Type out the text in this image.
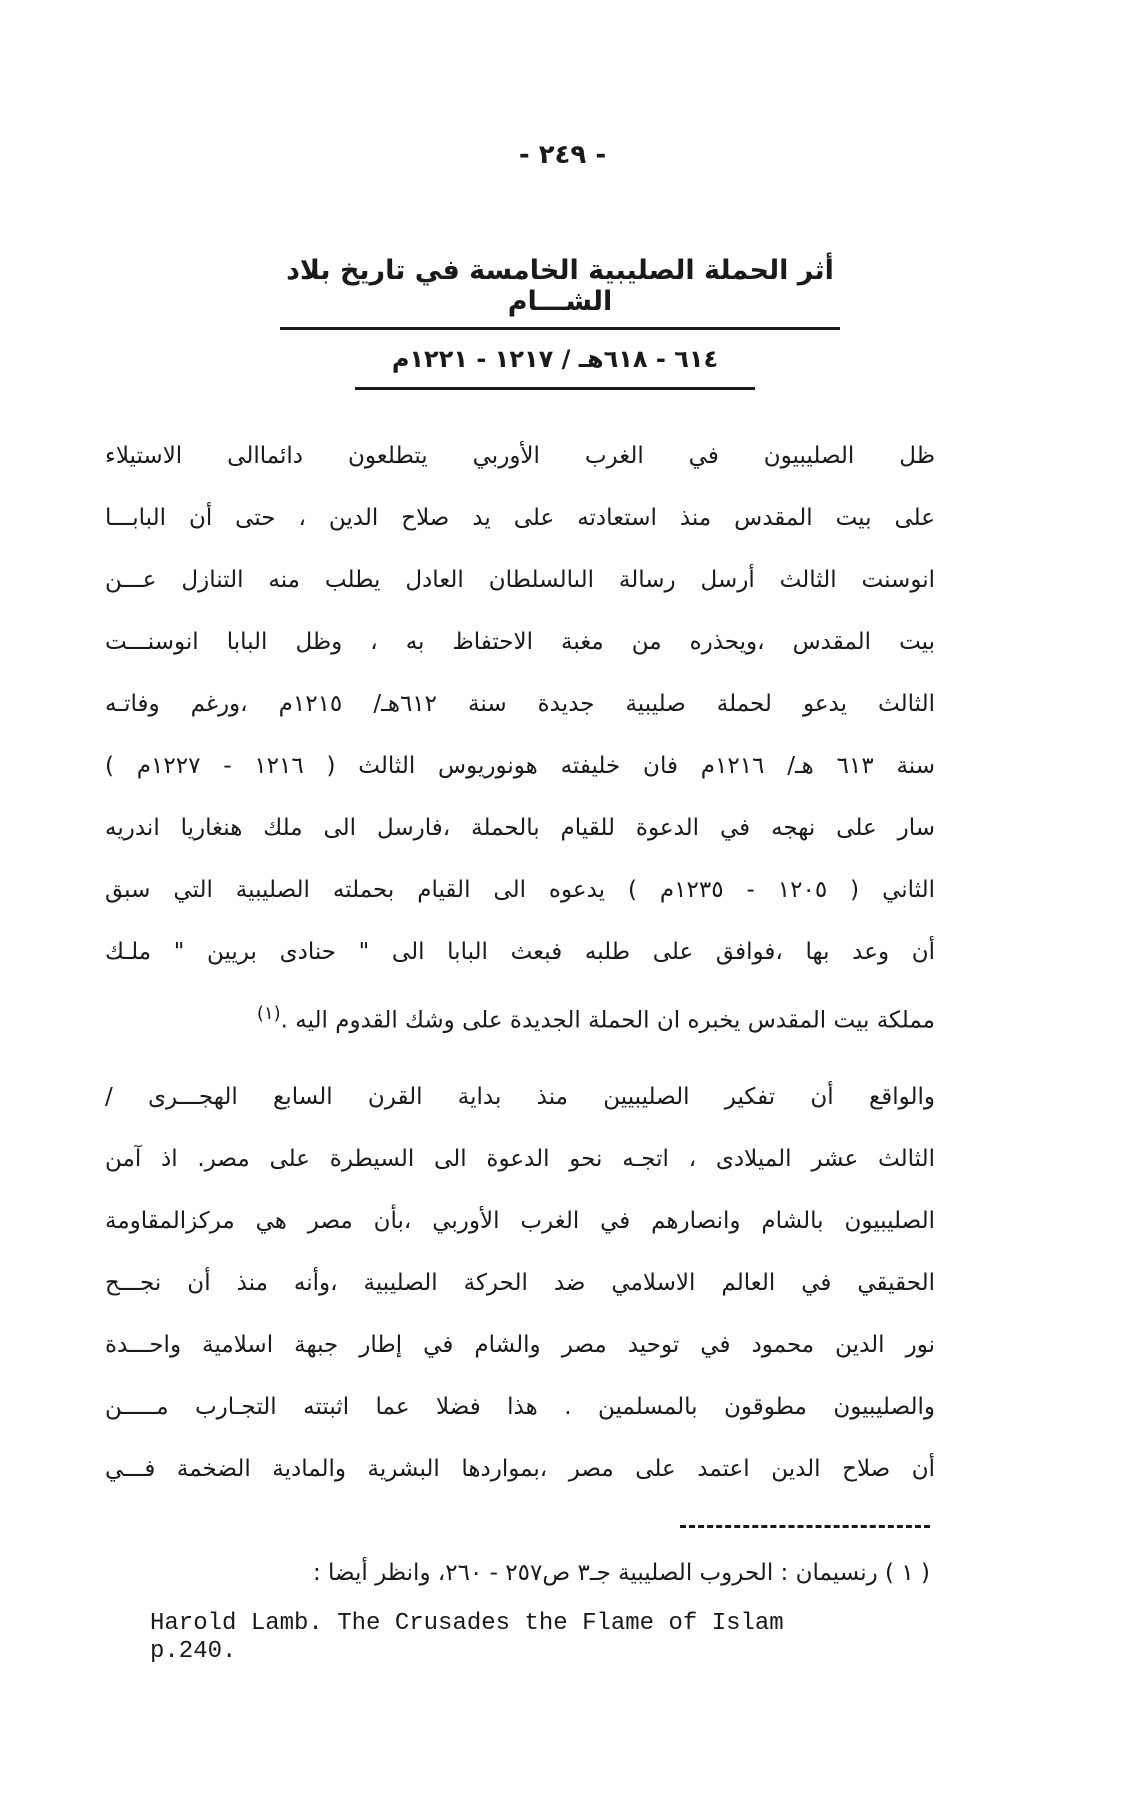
- ٢٤٩ -
أثر الحملة الصليبية الخامسة في تاريخ بلاد الشـــام
٦١٤ - ٦١٨هـ / ١٢١٧ - ١٢٢١م
ظل الصليبيون في الغرب الأوربي يتطلعون دائماالى الاستيلاء
على بيت المقدس منذ استعادته على يد صلاح الدين ، حتى أن البابـــا
انوسنت الثالث أرسل رسالة الىالسلطان العادل يطلب منه التنازل عـــن
بيت المقدس ،ويحذره من مغبة الاحتفاظ به ، وظل البابا انوسنـــت
الثالث يدعو لحملة صليبية جديدة سنة ٦١٢هـ/ ١٢١٥م ،ورغم وفاتـه
سنة ٦١٣ هـ/ ١٢١٦م فان خليفته هونوريوس الثالث ( ١٢١٦ - ١٢٢٧م )
سار على نهجه في الدعوة للقيام بالحملة ،فارسل الى ملك هنغاريا اندريه
الثاني ( ١٢٠٥ - ١٢٣٥م ) يدعوه الى القيام بحملته الصليبية التي سبق
أن وعد بها ،فوافق على طلبه فبعث البابا الى " حنادى بريين " ملـك
مملكة بيت المقدس يخبره ان الحملة الجديدة على وشك القدوم اليه .$^{(١)}$
والواقع أن تفكير الصليبيين منذ بداية القرن السابع الهجـــرى /
الثالث عشر الميلادى ، اتجـه نحو الدعوة الى السيطرة على مصر. اذ آمن
الصليبيون بالشام وانصارهم في الغرب الأوربي ،بأن مصر هي مركزالمقاومة
الحقيقي في العالم الاسلامي ضد الحركة الصليبية ،وأنه منذ أن نجـــح
نور الدين محمود في توحيد مصر والشام في إطار جبهة اسلامية واحـــدة
والصليبيون مطوقون بالمسلمين . هذا فضلا عما اثبتته التجـارب مـــــن
أن صلاح الدين اعتمد على مصر ،بمواردها البشرية والمادية الضخمة فـــي
( ١ ) رنسيمان : الحروب الصليبية جـ٣ ص٢٥٧ - ٢٦٠، وانظر أيضا :
Harold Lamb. The Crusades the Flame of Islam
p.240.
